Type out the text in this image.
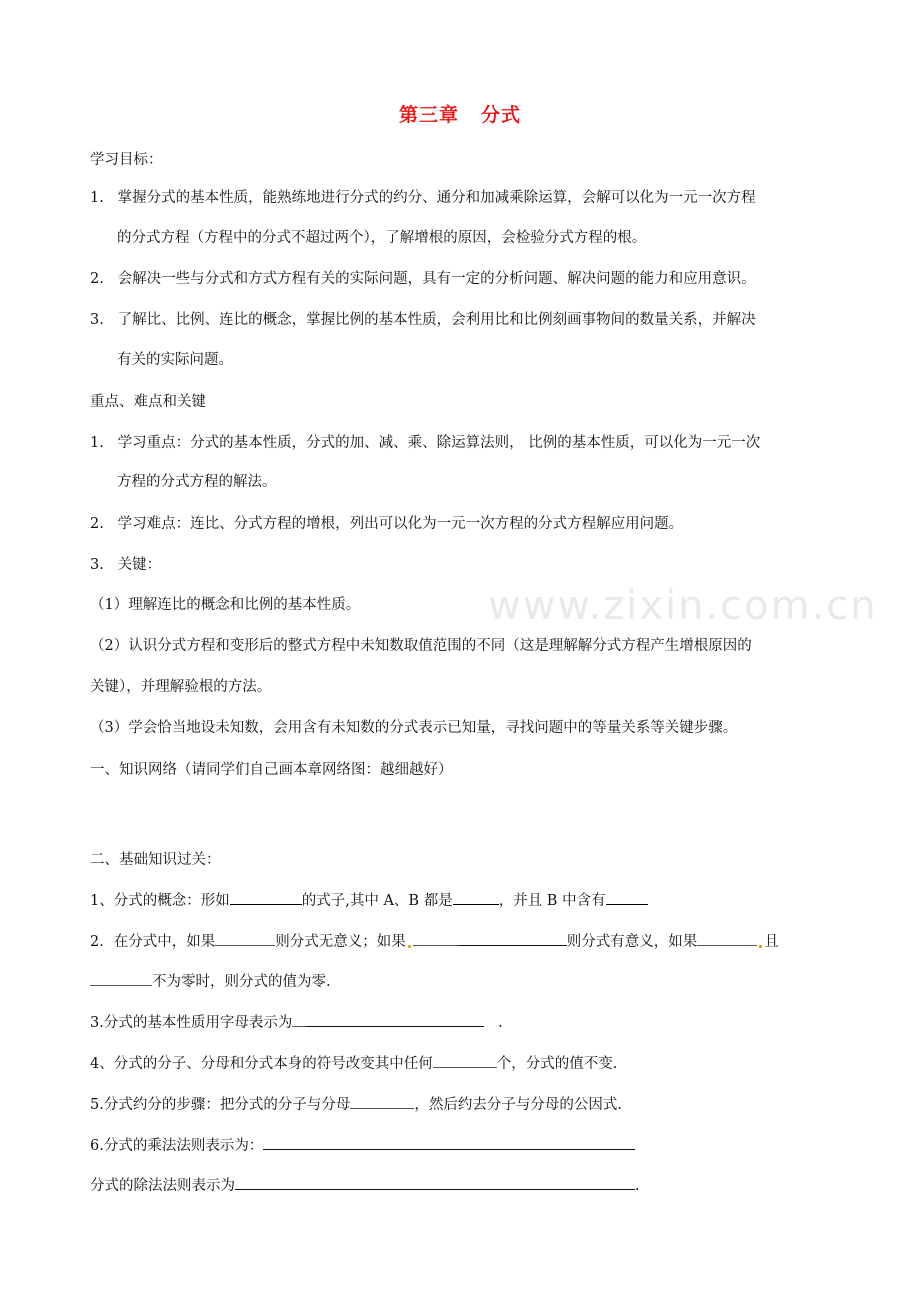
第三章 分式
www.zixin.com.cn
学习目标：
1. 掌握分式的基本性质，能熟练地进行分式的约分、通分和加减乘除运算，会解可以化为一元一次方程
的分式方程（方程中的分式不超过两个），了解增根的原因，会检验分式方程的根。
2. 会解决一些与分式和方式方程有关的实际问题，具有一定的分析问题、解决问题的能力和应用意识。
3. 了解比、比例、连比的概念，掌握比例的基本性质，会利用比和比例刻画事物间的数量关系，并解决
有关的实际问题。
重点、难点和关键
1. 学习重点：分式的基本性质，分式的加、减、乘、除运算法则， 比例的基本性质，可以化为一元一次
方程的分式方程的解法。
2. 学习难点：连比、分式方程的增根，列出可以化为一元一次方程的分式方程解应用问题。
3. 关键：
（1）理解连比的概念和比例的基本性质。
（2）认识分式方程和变形后的整式方程中未知数取值范围的不同（这是理解解分式方程产生增根原因的
关键），并理解验根的方法。
（3）学会恰当地设未知数，会用含有未知数的分式表示已知量，寻找问题中的等量关系等关键步骤。
一、知识网络（请同学们自己画本章网络图：越细越好）
二、基础知识过关：
1、分式的概念：形如	的式子,其中 A、B 都是	，并且 B 中含有
2．在分式中，如果	则分式无意义；如果	则分式有意义，如果	且
不为零时，则分式的值为零.
3.分式的基本性质用字母表示为	.
4、分式的分子、分母和分式本身的符号改变其中任何	个，分式的值不变.
5.分式约分的步骤：把分式的分子与分母	，然后约去分子与分母的公因式.
6.分式的乘法法则表示为：
分式的除法法则表示为	.
